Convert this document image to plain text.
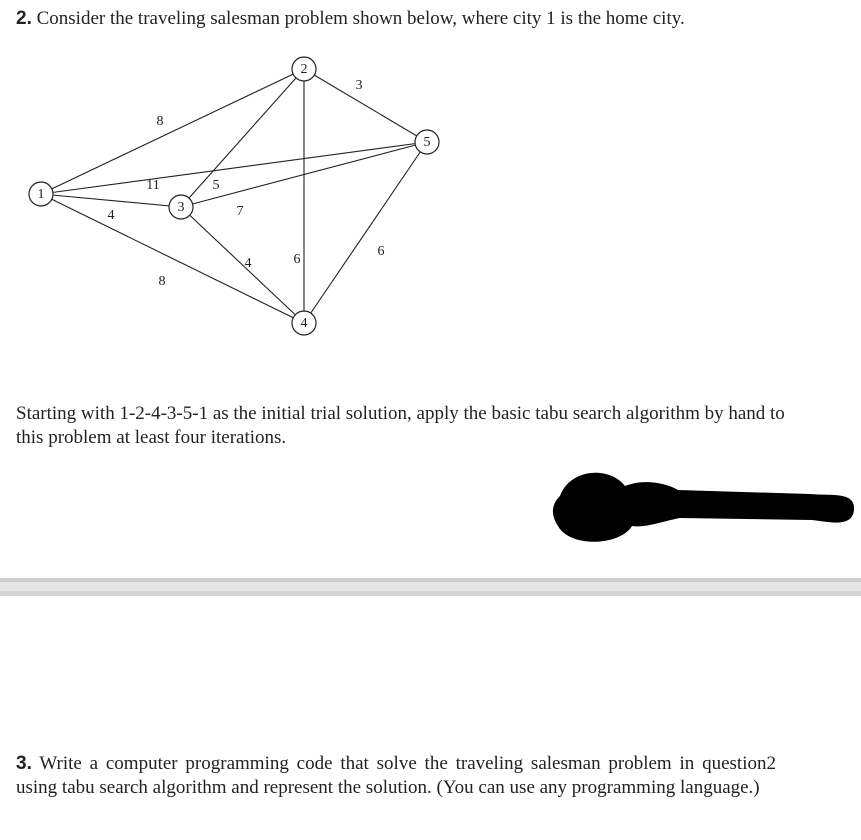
2. Consider the traveling salesman problem shown below, where city 1 is the home city.
8
4
8
11	5
6
3
4
7
6
1
2
3
4
5
Starting with 1-2-4-3-5-1 as the initial trial solution, apply the basic tabu search algorithm by hand to this problem at least four iterations.
3. Write a computer programming code that solve the traveling salesman problem in question2 using tabu search algorithm and represent the solution. (You can use any programming language.)
